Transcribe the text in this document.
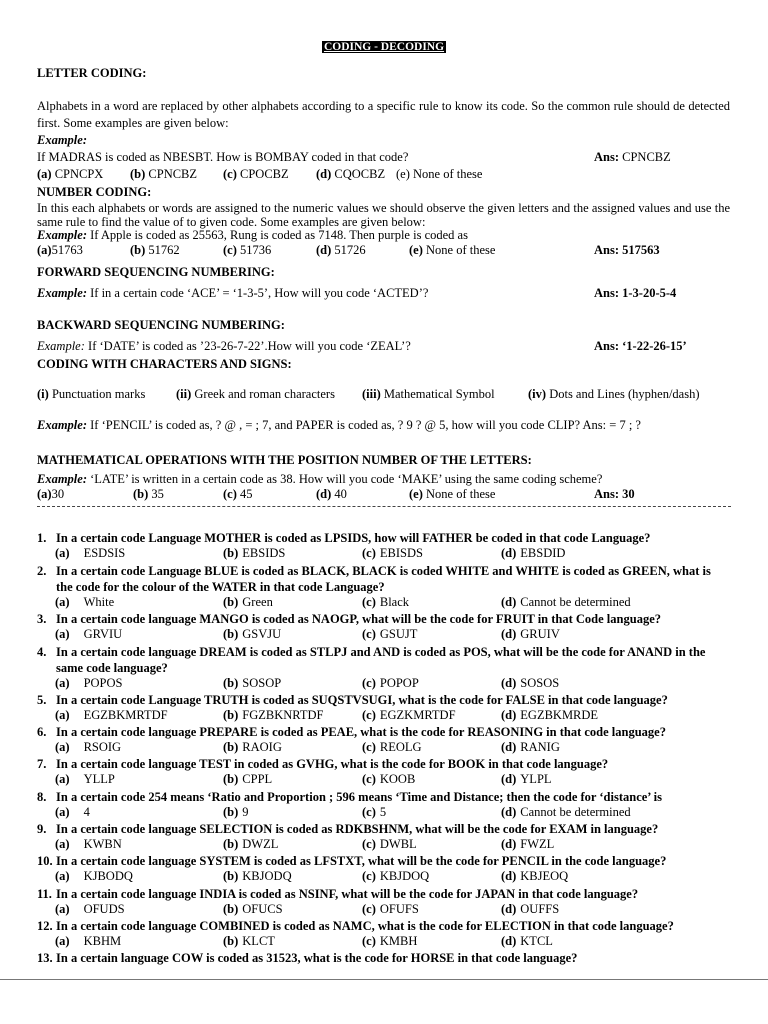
CODING - DECODING
LETTER CODING:
Alphabets in a word are replaced by other alphabets according to a specific rule to know its code. So the common rule should de detected first. Some examples are given below:
Example:
If MADRAS is coded as NBESBT. How is BOMBAY coded in that code?	Ans: CPNCBZ
(a) CPNCPX (b) CPNCBZ (c) CPOCBZ (d) CQOCBZ (e) None of these
NUMBER CODING:
In this each alphabets or words are assigned to the numeric values we should observe the given letters and the assigned values and use the same rule to find the value of to given code. Some examples are given below:
Example: If Apple is coded as 25563, Rung is coded as 7148. Then purple is coded as
(a)51763	(b) 51762	(c) 51736	(d) 51726	(e) None of these	Ans: 517563
FORWARD SEQUENCING NUMBERING:
Example: If in a certain code ‘ACE’ = ‘1-3-5’, How will you code ‘ACTED’?	Ans: 1-3-20-5-4
BACKWARD SEQUENCING NUMBERING:
Example: If ‘DATE’ is coded as ’23-26-7-22’.How will you code ‘ZEAL’?	Ans: ‘1-22-26-15’
CODING WITH CHARACTERS AND SIGNS:
(i) Punctuation marks (ii) Greek and roman characters (iii) Mathematical Symbol	(iv) Dots and Lines (hyphen/dash)
Example: If ‘PENCIL’ is coded as, ? @ , = ; 7, and PAPER is coded as, ? 9 ? @ 5, how will you code CLIP? Ans: = 7 ; ?
MATHEMATICAL OPERATIONS WITH THE POSITION NUMBER OF THE LETTERS:
Example: ‘LATE’ is written in a certain code as 38. How will you code ‘MAKE’ using the same coding scheme?
(a)30	(b) 35	(c) 45	(d) 40	(e) None of these	Ans: 30
1. In a certain code Language MOTHER is coded as LPSIDS, how will FATHER be coded in that code Language?
(a) ESDSIS	(b) EBSIDS	(c) EBISDS	(d) EBSDID
2. In a certain code Language BLUE is coded as BLACK, BLACK is coded WHITE and WHITE is coded as GREEN, what is the code for the colour of the WATER in that code Language?
(a) White	(b) Green	(c) Black	(d) Cannot be determined
3. In a certain code language MANGO is coded as NAOGP, what will be the code for FRUIT in that Code language?
(a) GRVIU	(b) GSVJU	(c) GSUJT	(d) GRUIV
4. In a certain code language DREAM is coded as STLPJ and AND is coded as POS, what will be the code for ANAND in the same code language?
(a) POPOS	(b) SOSOP	(c) POPOP	(d) SOSOS
5. In a certain code Language TRUTH is coded as SUQSTVSUGI, what is the code for FALSE in that code language?
(a) EGZBKMRTDF	(b) FGZBKNRTDF	(c) EGZKMRTDF	(d) EGZBKMRDE
6. In a certain code language PREPARE is coded as PEAE, what is the code for REASONING in that code language?
(a) RSOIG	(b) RAOIG	(c) REOLG	(d) RANIG
7. In a certain code language TEST in coded as GVHG, what is the code for BOOK in that code language?
(a) YLLP	(b) CPPL	(c) KOOB	(d) YLPL
8. In a certain code 254 means ‘Ratio and Proportion ; 596 means ‘Time and Distance; then the code for ‘distance’ is
(a) 4	(b) 9	(c) 5	(d) Cannot be determined
9. In a certain code language SELECTION is coded as RDKBSHNM, what will be the code for EXAM in language?
(a) KWBN	(b) DWZL	(c) DWBL	(d) FWZL
10. In a certain code language SYSTEM is coded as LFSTXT, what will be the code for PENCIL in the code language?
(a) KJBODQ	(b) KBJODQ	(c) KBJDOQ	(d) KBJEOQ
11. In a certain code language INDIA is coded as NSINF, what will be the code for JAPAN in that code language?
(a) OFUDS	(b) OFUCS	(c) OFUFS	(d) OUFFS
12. In a certain code language COMBINED is coded as NAMC, what is the code for ELECTION in that code language?
(a) KBHM	(b) KLCT	(c) KMBH	(d) KTCL
13. In a certain language COW is coded as 31523, what is the code for HORSE in that code language?
